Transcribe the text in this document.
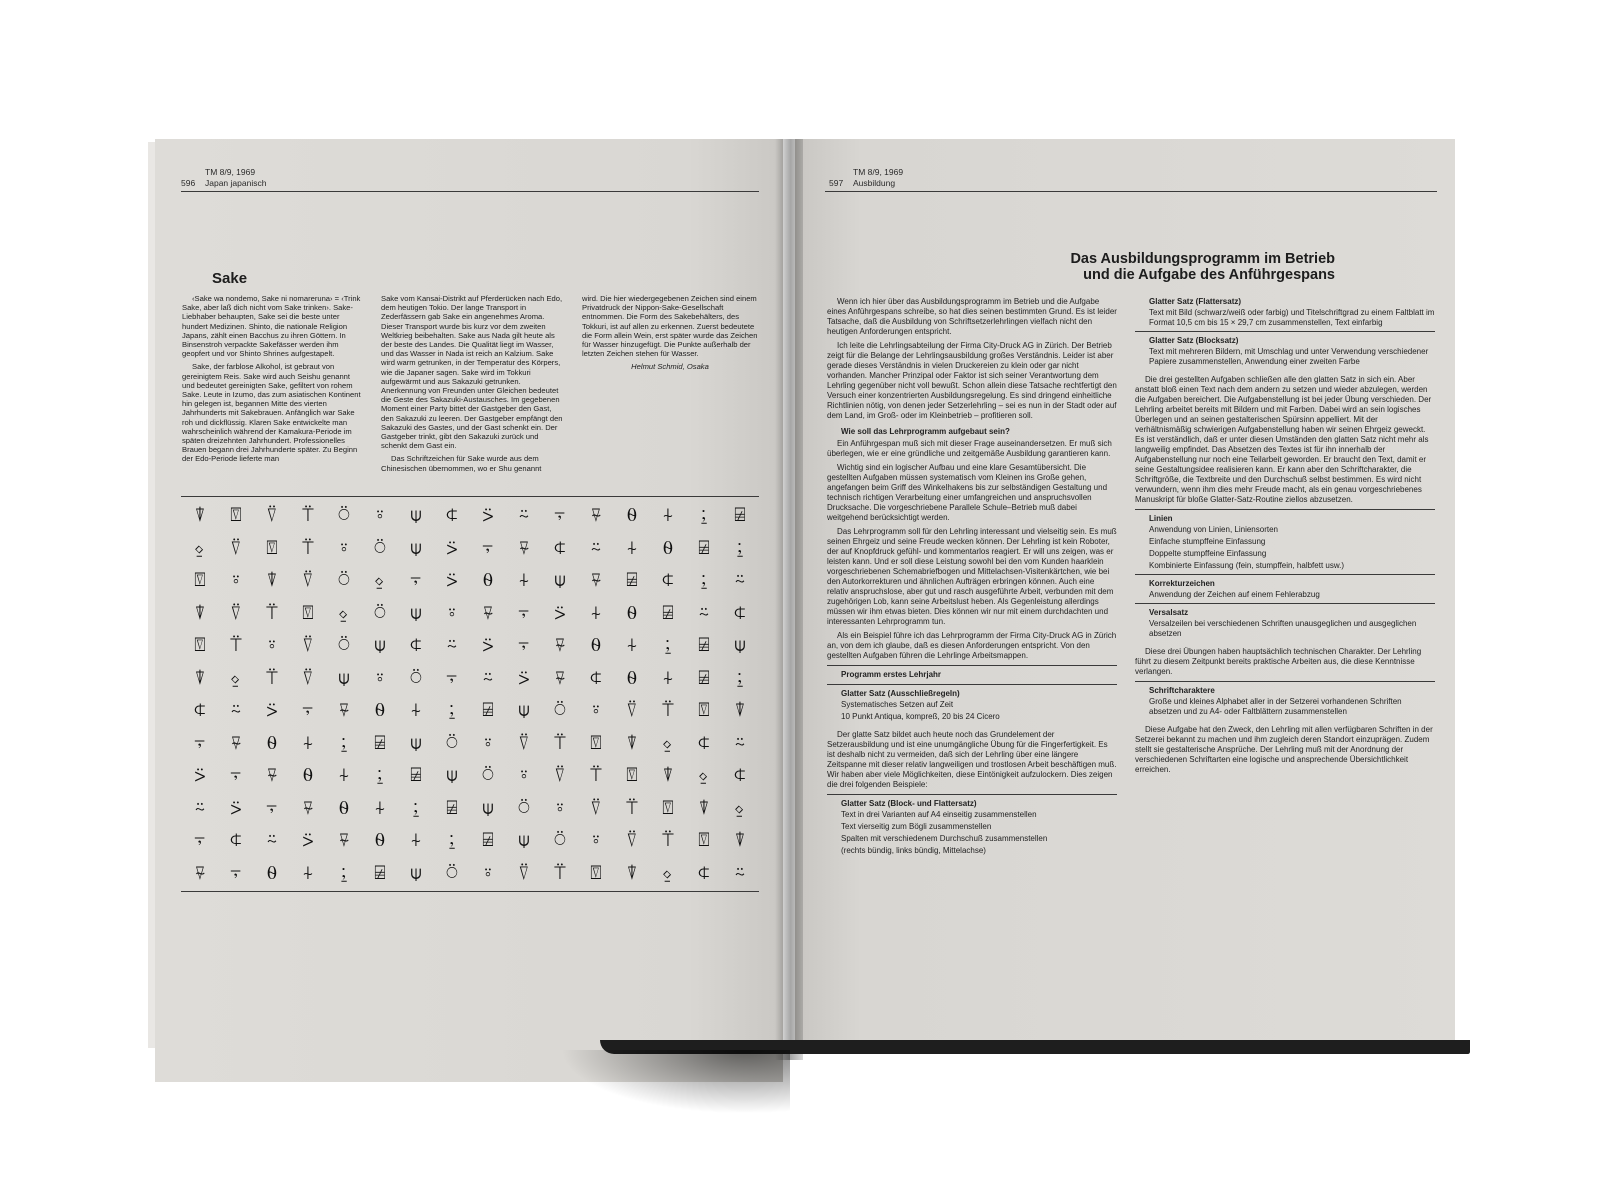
TM 8/9, 1969
596 Japan japanisch
Sake

‹Sake wa nondemo, Sake ni nomareruna› = ‹Trink Sake, aber laß dich nicht vom Sake trinken›. Sake-Liebhaber behaupten, Sake sei die beste unter hundert Medizinen. Shinto, die nationale Religion Japans, zählt einen Bacchus zu ihren Göttern. In Binsenstroh verpackte Sakefässer werden ihm geopfert und vor Shinto Shrines aufgestapelt.

Sake, der farblose Alkohol, ist gebraut von gereinigtem Reis. Sake wird auch Seishu genannt und bedeutet gereinigten Sake, gefiltert von rohem Sake. Leute in Izumo, das zum asiatischen Kontinent hin gelegen ist, begannen Mitte des vierten Jahrhunderts mit Sakebrauen. Anfänglich war Sake roh und dickflüssig. Klaren Sake entwickelte man wahrscheinlich während der Kamakura-Periode im späten dreizehnten Jahrhundert. Professionelles Brauen begann drei Jahrhunderte später. Zu Beginn der Edo-Periode lieferte man

Sake vom Kansai-Distrikt auf Pferderücken nach Edo, dem heutigen Tokio. Der lange Transport in Zederfässern gab Sake ein angenehmes Aroma. Dieser Transport wurde bis kurz vor dem zweiten Weltkrieg beibehalten. Sake aus Nada gilt heute als der beste des Landes. Die Qualität liegt im Wasser, und das Wasser in Nada ist reich an Kalzium. Sake wird warm getrunken, in der Temperatur des Körpers, wie die Japaner sagen. Sake wird im Tokkuri aufgewärmt und aus Sakazuki getrunken. Anerkennung von Freunden unter Gleichen bedeutet die Geste des Sakazuki-Austausches. Im gegebenen Moment einer Party bittet der Gastgeber den Gast, den Sakazuki zu leeren. Der Gastgeber empfängt den Sakazuki des Gastes, und der Gast schenkt ein. Der Gastgeber trinkt, gibt den Sakazuki zurück und schenkt dem Gast ein.

Das Schriftzeichen für Sake wurde aus dem Chinesischen übernommen, wo er Shu genannt

wird. Die hier wiedergegebenen Zeichen sind einem Privatdruck der Nippon-Sake-Gesellschaft entnommen. Die Form des Sakebehälters, des Tokkuri, ist auf allen zu erkennen. Zuerst bedeutete die Form allein Wein, erst später wurde das Zeichen für Wasser hinzugefügt. Die Punkte außerhalb der letzten Zeichen stehen für Wasser.

Helmut Schmid, Osaka
⍒	⍔	⍢	⍡	⍥	⍤	⍦	⍧	⍩	⍨	⍪	⍫	⍬	⍭	⍮	⍯
⍚	⍢	⍔	⍡	⍤	⍥	⍦	⍩	⍪	⍫	⍧	⍨	⍭	⍬	⍯	⍮
⍔	⍤	⍒	⍢	⍥	⍚	⍪	⍩	⍬	⍭	⍦	⍫	⍯	⍧	⍮	⍨
⍒	⍢	⍡	⍔	⍚	⍥	⍦	⍤	⍫	⍪	⍩	⍭	⍬	⍯	⍨	⍧
⍔	⍡	⍤	⍢	⍥	⍦	⍧	⍨	⍩	⍪	⍫	⍬	⍭	⍮	⍯	⍦
⍒	⍚	⍡	⍢	⍦	⍤	⍥	⍪	⍨	⍩	⍫	⍧	⍬	⍭	⍯	⍮
⍧	⍨	⍩	⍪	⍫	⍬	⍭	⍮	⍯	⍦	⍥	⍤	⍢	⍡	⍔	⍒
⍪	⍫	⍬	⍭	⍮	⍯	⍦	⍥	⍤	⍢	⍡	⍔	⍒	⍚	⍧	⍨
⍩	⍪	⍫	⍬	⍭	⍮	⍯	⍦	⍥	⍤	⍢	⍡	⍔	⍒	⍚	⍧
⍨	⍩	⍪	⍫	⍬	⍭	⍮	⍯	⍦	⍥	⍤	⍢	⍡	⍔	⍒	⍚
⍪	⍧	⍨	⍩	⍫	⍬	⍭	⍮	⍯	⍦	⍥	⍤	⍢	⍡	⍔	⍒
⍫	⍪	⍬	⍭	⍮	⍯	⍦	⍥	⍤	⍢	⍡	⍔	⍒	⍚	⍧	⍨
TM 8/9, 1969
597 Ausbildung
Das Ausbildungsprogramm im Betrieb
und die Aufgabe des Anführgespans

Wenn ich hier über das Ausbildungsprogramm im Betrieb und die Aufgabe eines Anführgespans schreibe, so hat dies seinen bestimmten Grund. Es ist leider Tatsache, daß die Ausbildung von Schriftsetzerlehrlingen vielfach nicht den heutigen Anforderungen entspricht.

Ich leite die Lehrlingsabteilung der Firma City-Druck AG in Zürich. Der Betrieb zeigt für die Belange der Lehrlingsausbildung großes Verständnis. Leider ist aber gerade dieses Verständnis in vielen Druckereien zu klein oder gar nicht vorhanden. Mancher Prinzipal oder Faktor ist sich seiner Verantwortung dem Lehrling gegenüber nicht voll bewußt. Schon allein diese Tatsache rechtfertigt den Versuch einer konzentrierten Ausbildungsregelung. Es sind dringend einheitliche Richtlinien nötig, von denen jeder Setzerlehrling – sei es nun in der Stadt oder auf dem Land, im Groß- oder im Kleinbetrieb – profitieren soll.

Wie soll das Lehrprogramm aufgebaut sein?

Ein Anführgespan muß sich mit dieser Frage auseinandersetzen. Er muß sich überlegen, wie er eine gründliche und zeitgemäße Ausbildung garantieren kann.

Wichtig sind ein logischer Aufbau und eine klare Gesamtübersicht. Die gestellten Aufgaben müssen systematisch vom Kleinen ins Große gehen, angefangen beim Griff des Winkelhakens bis zur selbständigen Gestaltung und technisch richtigen Verarbeitung einer umfangreichen und anspruchsvollen Drucksache. Die vorgeschriebene Parallele Schule–Betrieb muß dabei weitgehend berücksichtigt werden.

Das Lehrprogramm soll für den Lehrling interessant und vielseitig sein. Es muß seinen Ehrgeiz und seine Freude wecken können. Der Lehrling ist kein Roboter, der auf Knopfdruck gefühl- und kommentarlos reagiert. Er will uns zeigen, was er leisten kann. Und er soll diese Leistung sowohl bei den vom Kunden haarklein vorgeschriebenen Schemabriefbogen und Mittelachsen-Visitenkärtchen, wie bei den Autorkorrekturen und ähnlichen Aufträgen erbringen können. Auch eine relativ anspruchslose, aber gut und rasch ausgeführte Arbeit, verbunden mit dem zugehörigen Lob, kann seine Arbeitslust heben. Als Gegenleistung allerdings müssen wir ihm etwas bieten. Dies können wir nur mit einem durchdachten und interessanten Lehrprogramm tun.

Als ein Beispiel führe ich das Lehrprogramm der Firma City-Druck AG in Zürich an, von dem ich glaube, daß es diesen Anforderungen entspricht. Von den gestellten Aufgaben führen die Lehrlinge Arbeitsmappen.

Programm erstes Lehrjahr
Glatter Satz (Ausschließregeln)
Systematisches Setzen auf Zeit
10 Punkt Antiqua, kompreß, 20 bis 24 Cicero

Der glatte Satz bildet auch heute noch das Grundelement der Setzerausbildung und ist eine unumgängliche Übung für die Fingerfertigkeit. Es ist deshalb nicht zu vermeiden, daß sich der Lehrling über eine längere Zeitspanne mit dieser relativ langweiligen und trostlosen Arbeit beschäftigen muß. Wir haben aber viele Möglichkeiten, diese Eintönigkeit aufzulockern. Dies zeigen die drei folgenden Beispiele:

Glatter Satz (Block- und Flattersatz)
Text in drei Varianten auf A4 einseitig zusammenstellen
Text vierseitig zum Bögli zusammenstellen
Spalten mit verschiedenem Durchschuß zusammenstellen
(rechts bündig, links bündig, Mittelachse)
Glatter Satz (Flattersatz)
Text mit Bild (schwarz/weiß oder farbig) und Titelschriftgrad zu einem Faltblatt im Format 10,5 cm bis 15 × 29,7 cm zusammenstellen, Text einfarbig
Glatter Satz (Blocksatz)
Text mit mehreren Bildern, mit Umschlag und unter Verwendung verschiedener Papiere zusammenstellen, Anwendung einer zweiten Farbe

Die drei gestellten Aufgaben schließen alle den glatten Satz in sich ein. Aber anstatt bloß einen Text nach dem andern zu setzen und wieder abzulegen, werden die Aufgaben bereichert. Die Aufgabenstellung ist bei jeder Übung verschieden. Der Lehrling arbeitet bereits mit Bildern und mit Farben. Dabei wird an sein logisches Überlegen und an seinen gestalterischen Spürsinn appelliert. Mit der verhältnismäßig schwierigen Aufgabenstellung haben wir seinen Ehrgeiz geweckt. Es ist verständlich, daß er unter diesen Umständen den glatten Satz nicht mehr als langweilig empfindet. Das Absetzen des Textes ist für ihn innerhalb der Aufgabenstellung nur noch eine Teilarbeit geworden. Er braucht den Text, damit er seine Gestaltungsidee realisieren kann. Er kann aber den Schriftcharakter, die Schriftgröße, die Textbreite und den Durchschuß selbst bestimmen. Es wird nicht verwundern, wenn ihm dies mehr Freude macht, als ein genau vorgeschriebenes Manuskript für bloße Glatter-Satz-Routine ziellos abzusetzen.

Linien
Anwendung von Linien, Liniensorten
Einfache stumpffeine Einfassung
Doppelte stumpffeine Einfassung
Kombinierte Einfassung (fein, stumpffein, halbfett usw.)
Korrekturzeichen
Anwendung der Zeichen auf einem Fehlerabzug
Versalsatz
Versalzeilen bei verschiedenen Schriften unausgeglichen und ausgeglichen absetzen

Diese drei Übungen haben hauptsächlich technischen Charakter. Der Lehrling führt zu diesem Zeitpunkt bereits praktische Arbeiten aus, die diese Kenntnisse verlangen.

Schriftcharaktere
Große und kleines Alphabet aller in der Setzerei vorhandenen Schriften absetzen und zu A4- oder Faltblättern zusammenstellen

Diese Aufgabe hat den Zweck, den Lehrling mit allen verfügbaren Schriften in der Setzerei bekannt zu machen und ihm zugleich deren Standort einzuprägen. Zudem stellt sie gestalterische Ansprüche. Der Lehrling muß mit der Anordnung der verschiedenen Schriftarten eine logische und ansprechende Übersichtlichkeit erreichen.
